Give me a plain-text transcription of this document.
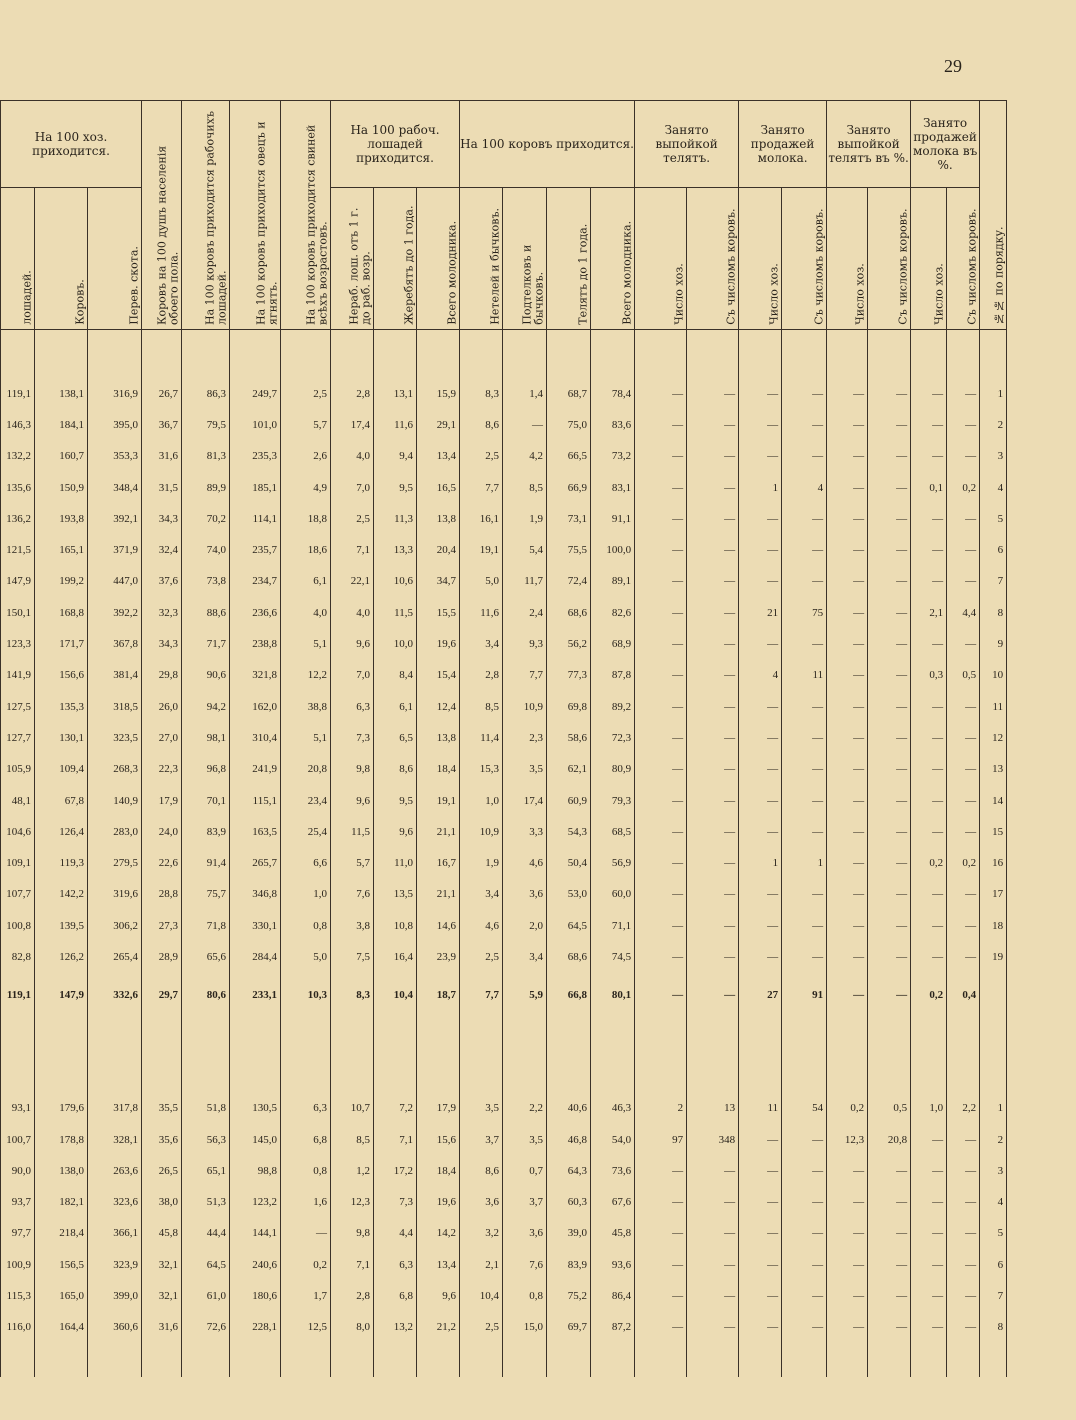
29
На 100 хоз. приходится.			Коровъ на 100 душъ населенія обоего пола.	На 100 коровъ приходится рабочихъ лошадей.	На 100 коровъ приходится овецъ и ягнятъ.	На 100 коровъ приходится свиней всѣхъ возрастовъ.	На 100 рабоч. лошадей приходится.			На 100 коровъ приходится.				Занято выпойкой телятъ.		Занято продажей молока.		Занято выпойкой телятъ въ %.		Занято продажей молока въ %.		№№ по порядку.
лошадей.	Коровъ.	Перев. скота.					Нераб. лош. отъ 1 г. до раб. возр.	Жеребятъ до 1 года.	Всего молодника.	Нетелей и бычковъ.	Подтелковъ и бычковъ.	Телятъ до 1 года.	Всего молодника.	Число хоз.	Съ числомъ коровъ.	Число хоз.	Съ числомъ коровъ.	Число хоз.	Съ числомъ коровъ.	Число хоз.	Съ числомъ коровъ.	

119,1	138,1	316,9	26,7	86,3	249,7	2,5	2,8	13,1	15,9	8,3	1,4	68,7	78,4	—	—	—	—	—	—	—	—	1
146,3	184,1	395,0	36,7	79,5	101,0	5,7	17,4	11,6	29,1	8,6	—	75,0	83,6	—	—	—	—	—	—	—	—	2
132,2	160,7	353,3	31,6	81,3	235,3	2,6	4,0	9,4	13,4	2,5	4,2	66,5	73,2	—	—	—	—	—	—	—	—	3
135,6	150,9	348,4	31,5	89,9	185,1	4,9	7,0	9,5	16,5	7,7	8,5	66,9	83,1	—	—	1	4	—	—	0,1	0,2	4
136,2	193,8	392,1	34,3	70,2	114,1	18,8	2,5	11,3	13,8	16,1	1,9	73,1	91,1	—	—	—	—	—	—	—	—	5
121,5	165,1	371,9	32,4	74,0	235,7	18,6	7,1	13,3	20,4	19,1	5,4	75,5	100,0	—	—	—	—	—	—	—	—	6
147,9	199,2	447,0	37,6	73,8	234,7	6,1	22,1	10,6	34,7	5,0	11,7	72,4	89,1	—	—	—	—	—	—	—	—	7
150,1	168,8	392,2	32,3	88,6	236,6	4,0	4,0	11,5	15,5	11,6	2,4	68,6	82,6	—	—	21	75	—	—	2,1	4,4	8
123,3	171,7	367,8	34,3	71,7	238,8	5,1	9,6	10,0	19,6	3,4	9,3	56,2	68,9	—	—	—	—	—	—	—	—	9
141,9	156,6	381,4	29,8	90,6	321,8	12,2	7,0	8,4	15,4	2,8	7,7	77,3	87,8	—	—	4	11	—	—	0,3	0,5	10
127,5	135,3	318,5	26,0	94,2	162,0	38,8	6,3	6,1	12,4	8,5	10,9	69,8	89,2	—	—	—	—	—	—	—	—	11
127,7	130,1	323,5	27,0	98,1	310,4	5,1	7,3	6,5	13,8	11,4	2,3	58,6	72,3	—	—	—	—	—	—	—	—	12
105,9	109,4	268,3	22,3	96,8	241,9	20,8	9,8	8,6	18,4	15,3	3,5	62,1	80,9	—	—	—	—	—	—	—	—	13
48,1	67,8	140,9	17,9	70,1	115,1	23,4	9,6	9,5	19,1	1,0	17,4	60,9	79,3	—	—	—	—	—	—	—	—	14
104,6	126,4	283,0	24,0	83,9	163,5	25,4	11,5	9,6	21,1	10,9	3,3	54,3	68,5	—	—	—	—	—	—	—	—	15
109,1	119,3	279,5	22,6	91,4	265,7	6,6	5,7	11,0	16,7	1,9	4,6	50,4	56,9	—	—	1	1	—	—	0,2	0,2	16
107,7	142,2	319,6	28,8	75,7	346,8	1,0	7,6	13,5	21,1	3,4	3,6	53,0	60,0	—	—	—	—	—	—	—	—	17
100,8	139,5	306,2	27,3	71,8	330,1	0,8	3,8	10,8	14,6	4,6	2,0	64,5	71,1	—	—	—	—	—	—	—	—	18
82,8	126,2	265,4	28,9	65,6	284,4	5,0	7,5	16,4	23,9	2,5	3,4	68,6	74,5	—	—	—	—	—	—	—	—	19
119,1	147,9	332,6	29,7	80,6	233,1	10,3	8,3	10,4	18,7	7,7	5,9	66,8	80,1	—	—	27	91	—	—	0,2	0,4	

93,1	179,6	317,8	35,5	51,8	130,5	6,3	10,7	7,2	17,9	3,5	2,2	40,6	46,3	2	13	11	54	0,2	0,5	1,0	2,2	1
100,7	178,8	328,1	35,6	56,3	145,0	6,8	8,5	7,1	15,6	3,7	3,5	46,8	54,0	97	348	—	—	12,3	20,8	—	—	2
90,0	138,0	263,6	26,5	65,1	98,8	0,8	1,2	17,2	18,4	8,6	0,7	64,3	73,6	—	—	—	—	—	—	—	—	3
93,7	182,1	323,6	38,0	51,3	123,2	1,6	12,3	7,3	19,6	3,6	3,7	60,3	67,6	—	—	—	—	—	—	—	—	4
97,7	218,4	366,1	45,8	44,4	144,1	—	9,8	4,4	14,2	3,2	3,6	39,0	45,8	—	—	—	—	—	—	—	—	5
100,9	156,5	323,9	32,1	64,5	240,6	0,2	7,1	6,3	13,4	2,1	7,6	83,9	93,6	—	—	—	—	—	—	—	—	6
115,3	165,0	399,0	32,1	61,0	180,6	1,7	2,8	6,8	9,6	10,4	0,8	75,2	86,4	—	—	—	—	—	—	—	—	7
116,0	164,4	360,6	31,6	72,6	228,1	12,5	8,0	13,2	21,2	2,5	15,0	69,7	87,2	—	—	—	—	—	—	—	—	8
